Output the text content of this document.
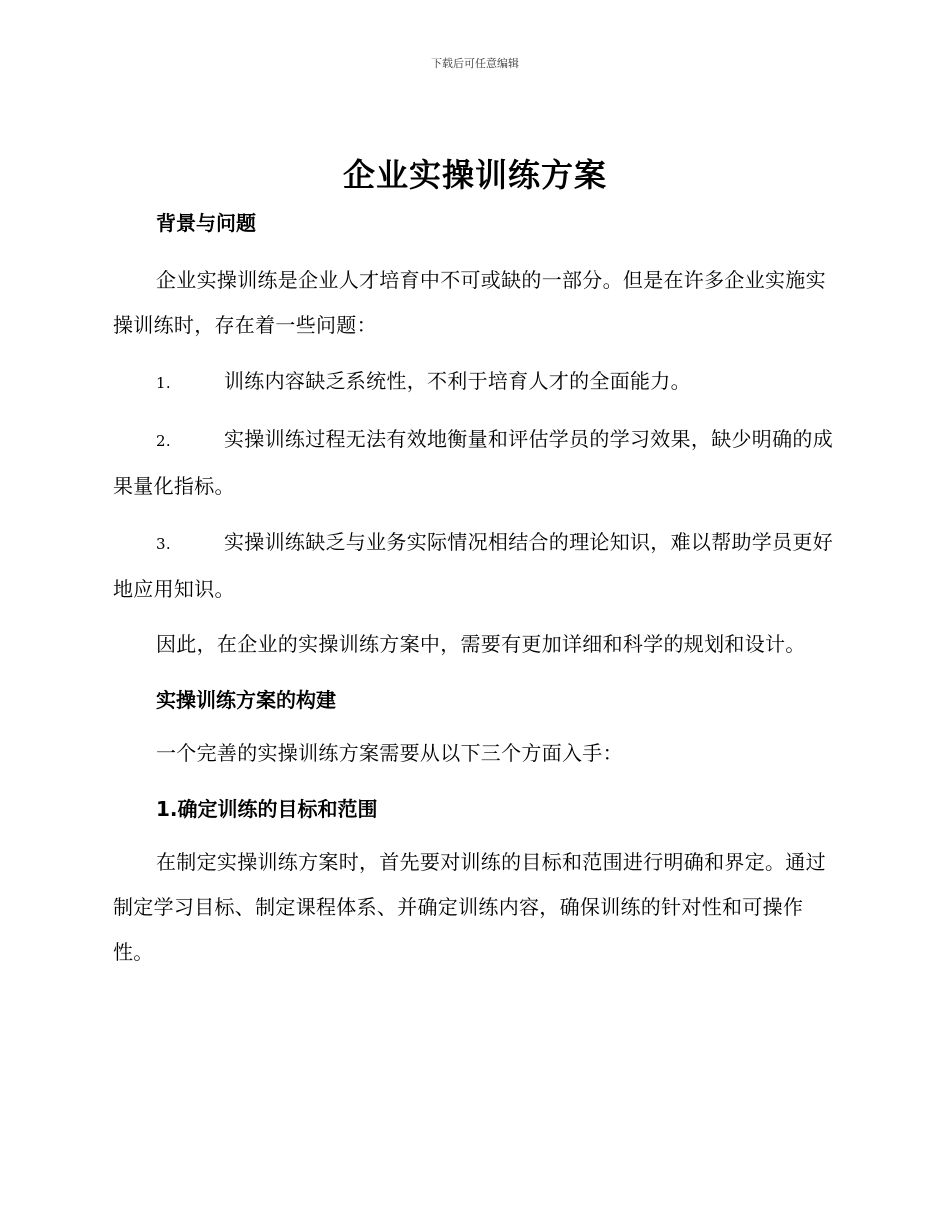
下载后可任意编辑
企业实操训练方案

背景与问题

企业实操训练是企业人才培育中不可或缺的一部分。但是在许多企业实施实操训练时，存在着一些问题：

1.	训练内容缺乏系统性，不利于培育人才的全面能力。

2.	实操训练过程无法有效地衡量和评估学员的学习效果，缺少明确的成果量化指标。

3.	实操训练缺乏与业务实际情况相结合的理论知识，难以帮助学员更好地应用知识。

因此，在企业的实操训练方案中，需要有更加详细和科学的规划和设计。

实操训练方案的构建

一个完善的实操训练方案需要从以下三个方面入手：

1.确定训练的目标和范围

在制定实操训练方案时，首先要对训练的目标和范围进行明确和界定。通过制定学习目标、制定课程体系、并确定训练内容，确保训练的针对性和可操作性。
